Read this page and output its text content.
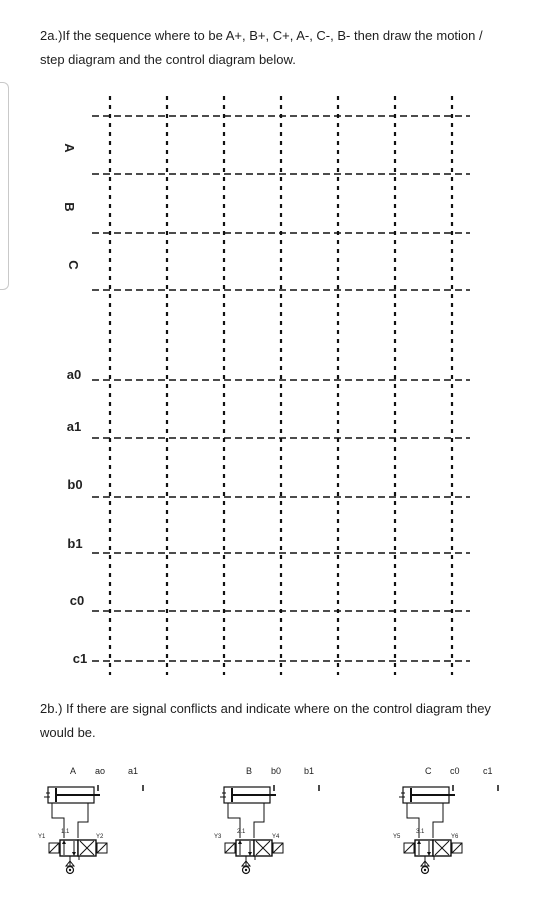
2a.)If the sequence where to be A+, B+, C+, A-, C-, B- then draw the motion / step diagram and the control diagram below.
A
B
C
a0
a1
b0
b1
c0
c1
A ao	a1
1.1
Y1	Y2
B b0	b1
2.1
Y3	Y4
C c0	c1
3.1
Y5	Y6
2b.) If there are signal conflicts and indicate where on the control diagram they would be.
